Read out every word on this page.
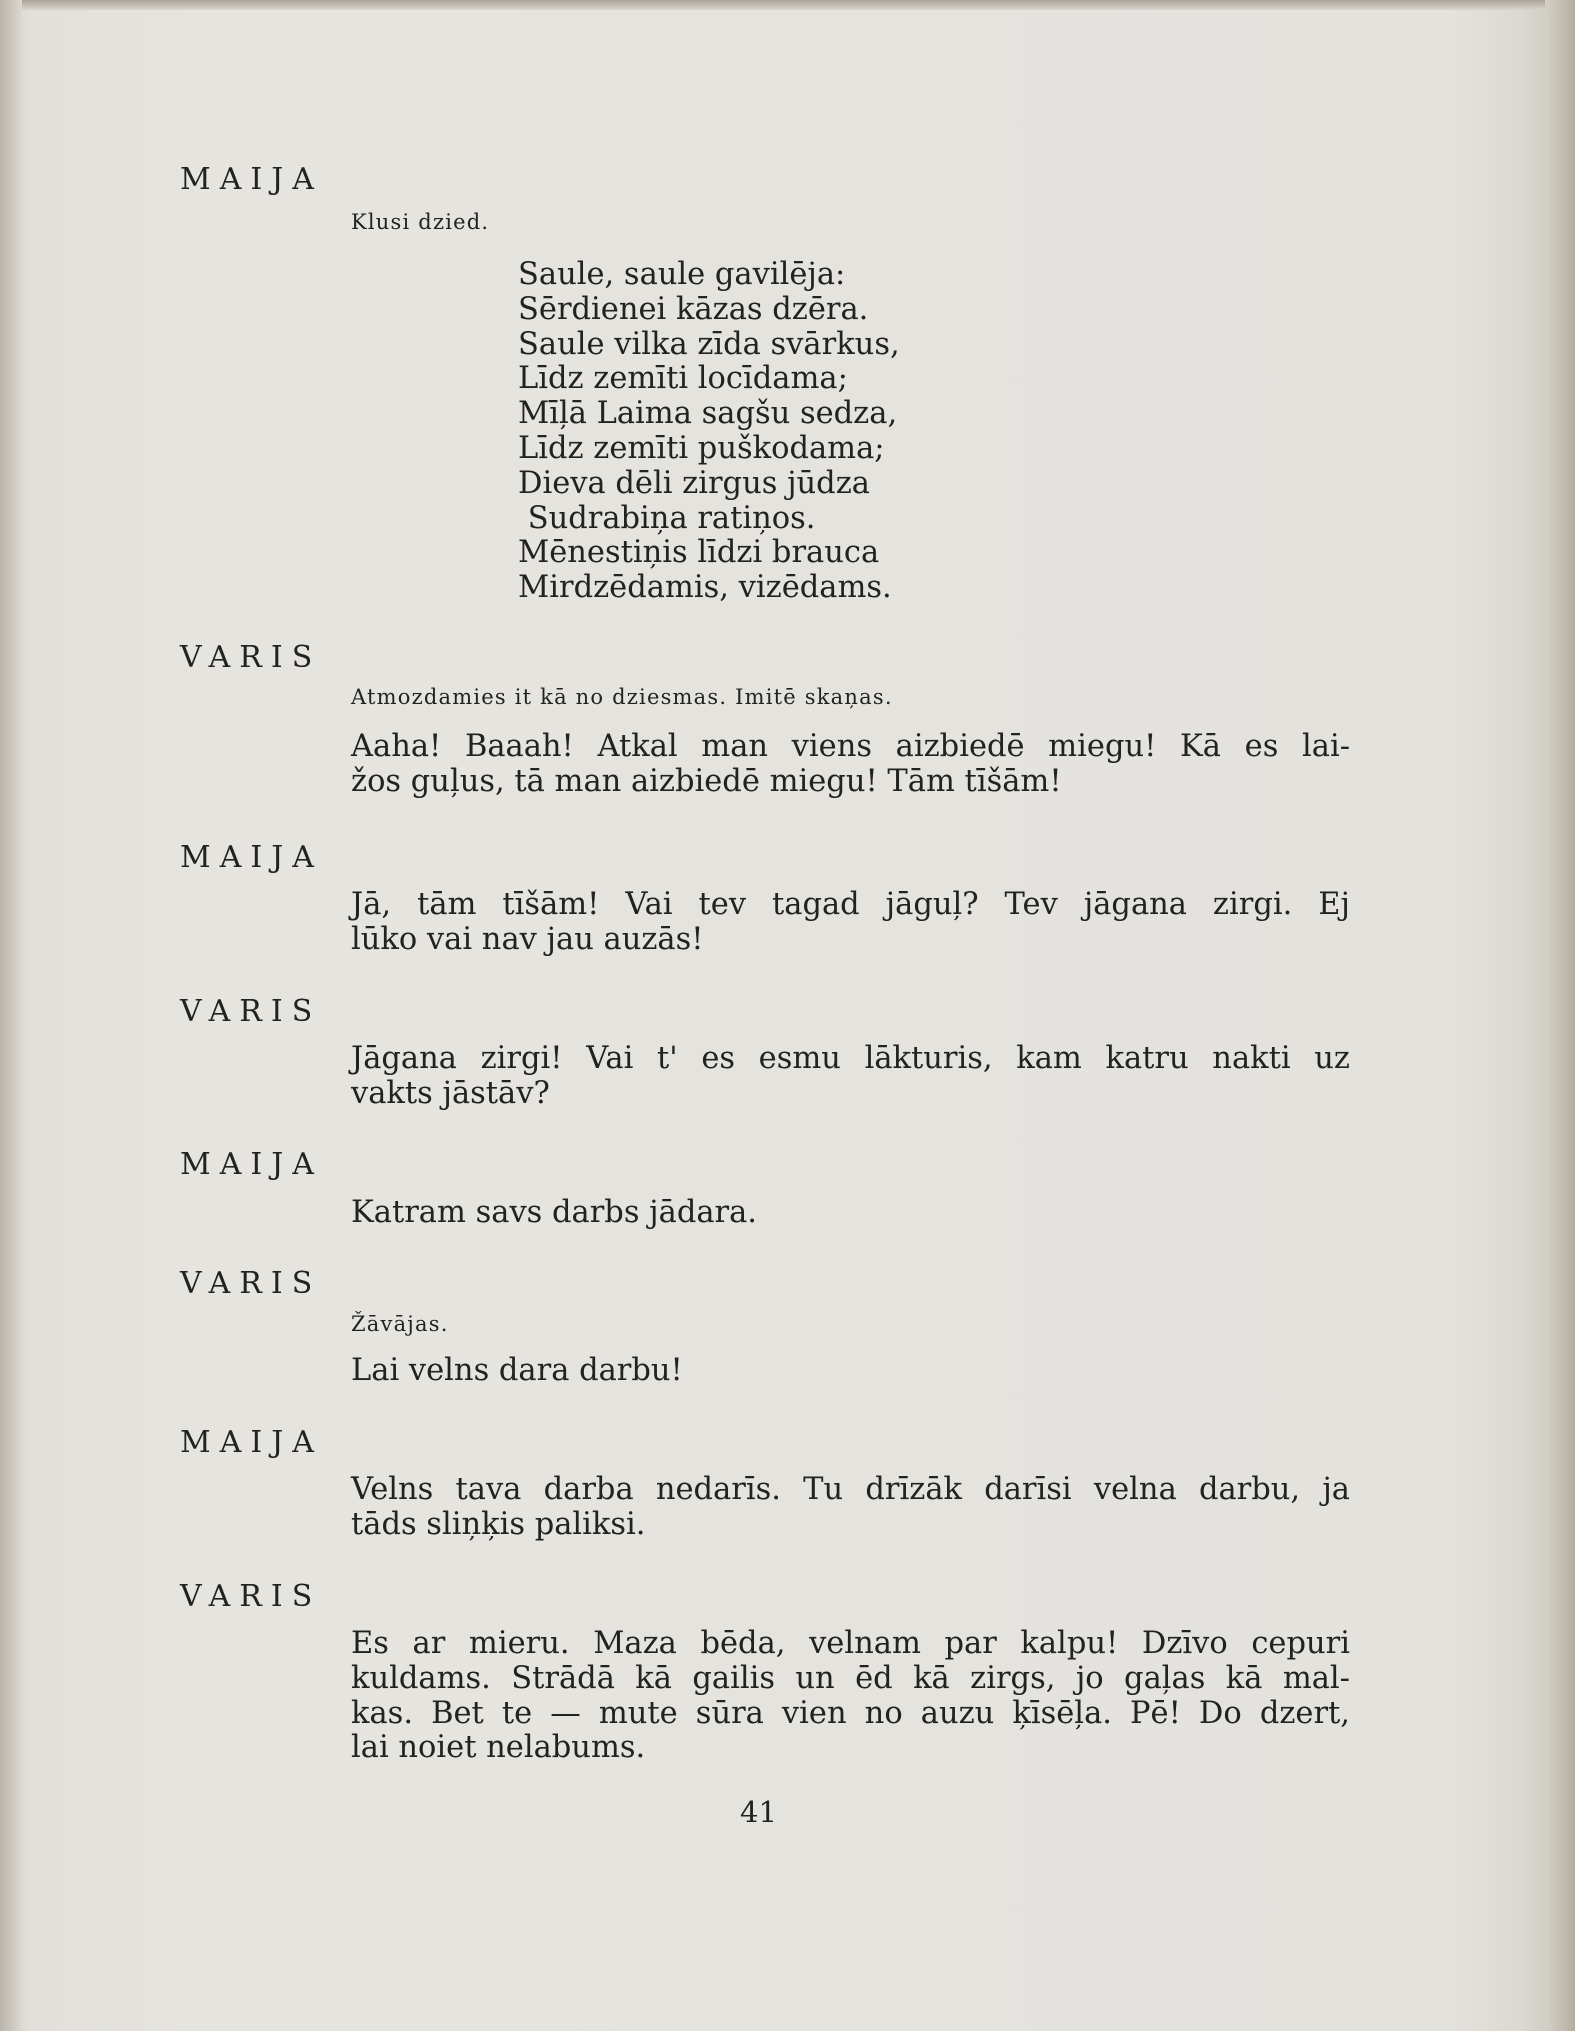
MAIJA
Klusi dzied.
Saule, saule gavilēja:
Sērdienei kāzas dzēra.
Saule vilka zīda svārkus,
Līdz zemīti locīdama;
Mīļā Laima sagšu sedza,
Līdz zemīti puškodama;
Dieva dēli zirgus jūdza
Sudrabiņa ratiņos.
Mēnestiņis līdzi brauca
Mirdzēdamis, vizēdams.
VARIS
Atmozdamies it kā no dziesmas. Imitē skaņas.
Aaha! Baaah! Atkal man viens aizbiedē miegu! Kā es lai-
žos guļus, tā man aizbiedē miegu! Tām tīšām!
MAIJA
Jā, tām tīšām! Vai tev tagad jāguļ? Tev jāgana zirgi. Ej
lūko vai nav jau auzās!
VARIS
Jāgana zirgi! Vai t' es esmu lākturis, kam katru nakti uz
vakts jāstāv?
MAIJA
Katram savs darbs jādara.
VARIS
Žāvājas.
Lai velns dara darbu!
MAIJA
Velns tava darba nedarīs. Tu drīzāk darīsi velna darbu, ja
tāds sliņķis paliksi.
VARIS
Es ar mieru. Maza bēda, velnam par kalpu! Dzīvo cepuri
kuldams. Strādā kā gailis un ēd kā zirgs, jo gaļas kā mal-
kas. Bet te — mute sūra vien no auzu ķīsēļa. Pē! Do dzert,
lai noiet nelabums.
41
